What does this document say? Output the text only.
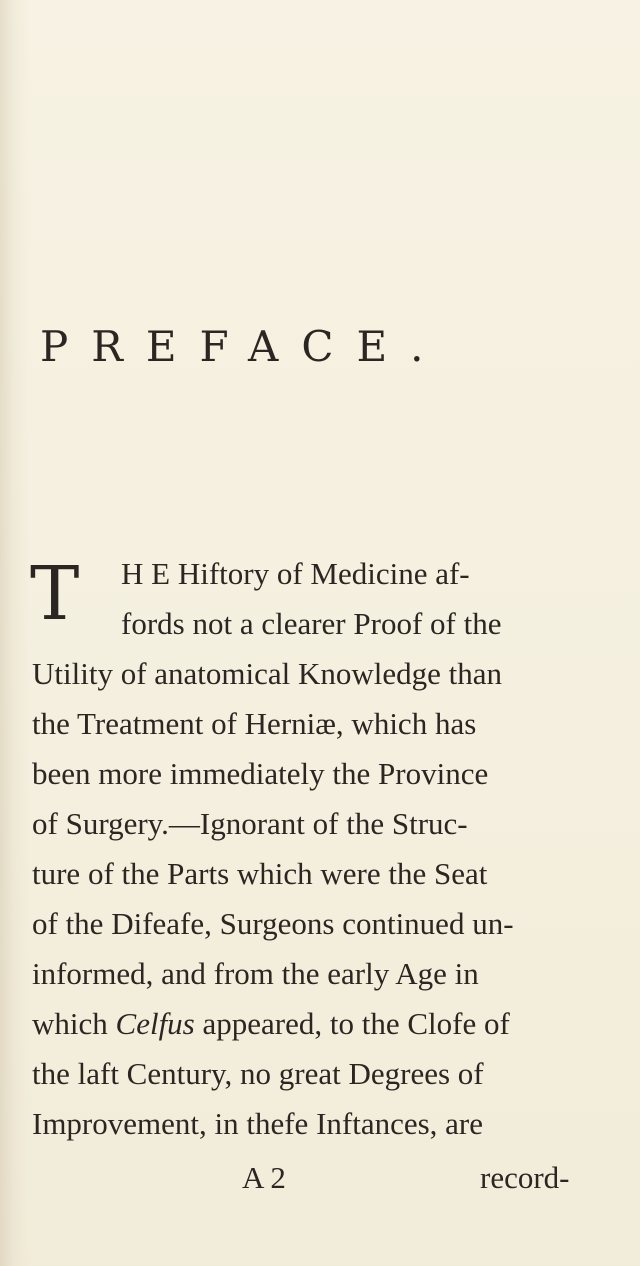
PREFACE.
T H E Hiftory of Medicine af-
fords not a clearer Proof of the
Utility of anatomical Knowledge than
the Treatment of Herniæ, which has
been more immediately the Province
of Surgery.—Ignorant of the Struc-
ture of the Parts which were the Seat
of the Difeafe, Surgeons continued un-
informed, and from the early Age in
which Celfus appeared, to the Clofe of
the laft Century, no great Degrees of
Improvement, in thefe Inftances, are
A 2	record-
